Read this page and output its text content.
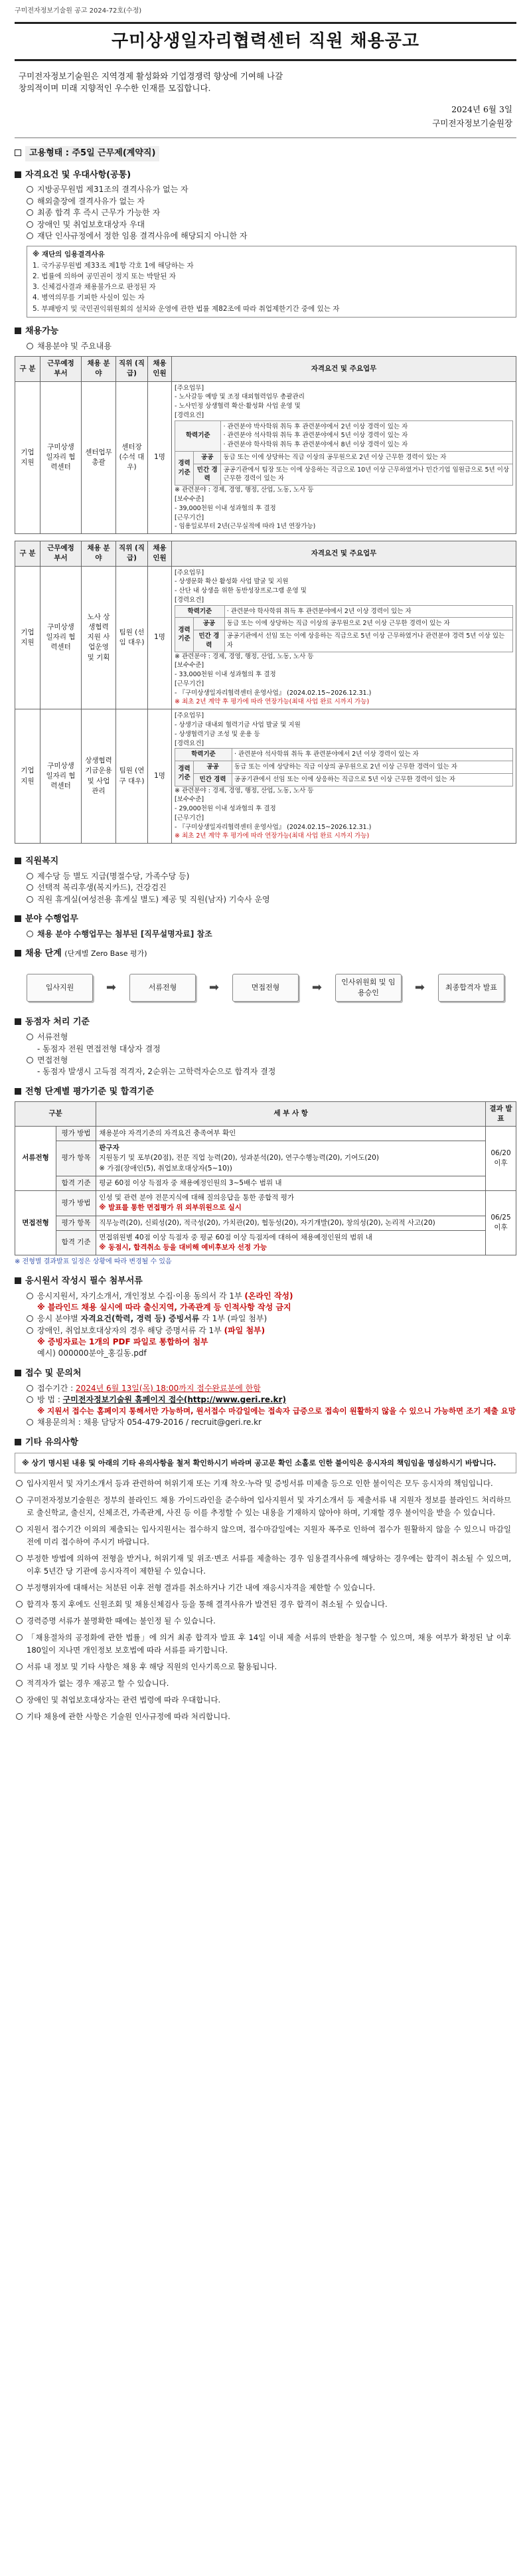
구미전자정보기술원 공고 2024-72호(수정)
구미상생일자리협력센터 직원 채용공고
구미전자정보기술원은 지역경제 활성화와 기업경쟁력 향상에 기여해 나갈
창의적이며 미래 지향적인 우수한 인재를 모집합니다.
2024년 6월 3일
구미전자정보기술원장
고용형태 : 주5일 근무제(계약직)
자격요건 및 우대사항(공통)
지방공무원법 제31조의 결격사유가 없는 자
해외출장에 결격사유가 없는 자
최종 합격 후 즉시 근무가 가능한 자
장애인 및 취업보호대상자 우대
재단 인사규정에서 정한 임용 결격사유에 해당되지 아니한 자
※ 재단의 임용결격사유
1. 국가공무원법 제33조 제1항 각호 1에 해당하는 자
2. 법률에 의하여 공민권이 정지 또는 박탈된 자
3. 신체검사결과 채용불가으로 판정된 자
4. 병역의무를 기피한 사실이 있는 자
5. 부패방지 및 국민권익위원회의 설치와 운영에 관한 법률 제82조에 따라 취업제한기간 중에 있는 자
채용가능
채용분야 및 주요내용
구 분	근무예정 부서	채용 분야	직위 (직급)	채용 인원	자격요건 및 주요업무
기업 지원	구미상생 일자리 협력센터	센터업무 총괄	센터장 (수석 대우)	1명	
[주요업무]
- 노사갈등 예방 및 조정 대외협력업무 총괄관리
- 노사민정 상생협력 확산·활성화 사업 운영 및
[경력요건]
학력기준	
· 관련분야 박사학위 취득 후 관련분야에서 2년 이상 경력이 있는 자
· 관련분야 석사학위 취득 후 관련분야에서 5년 이상 경력이 있는 자
· 관련분야 학사학위 취득 후 관련분야에서 8년 이상 경력이 있는 자

경력 기준	공공	동급 또는 이에 상당하는 직급 이상의 공무원으로 2년 이상 근무한 경력이 있는 자
민간 경력	공공기관에서 팀장 또는 이에 상응하는 직급으로 10년 이상 근무하였거나 민간기업 임원급으로 5년 이상 근무한 경력이 있는 자
※ 관련분야 : 경제, 경영, 행정, 산업, 노동, 노사 등
[보수수준]
- 39,000천원 이내 성과협의 후 결정
[근무기간]
- 임용일로부터 2년(근무실적에 따라 1년 연장가능)
구 분	근무예정 부서	채용 분야	직위 (직급)	채용 인원	자격요건 및 주요업무
기업 지원	구미상생 일자리 협력센터	노사 상생협력 지원 사업운영 및 기획	팀원 (선임 대우)	1명	
[주요업무]
- 상생문화 확산 활성화 사업 발굴 및 지원
- 산단 내 상생을 위한 동반성장프로그램 운영 및
[경력요건]
학력기준	· 관련분야 학사학위 취득 후 관련분야에서 2년 이상 경력이 있는 자
경력 기준	공공	동급 또는 이에 상당하는 직급 이상의 공무원으로 2년 이상 근무한 경력이 있는 자
민간 경력	공공기관에서 선임 또는 이에 상응하는 직급으로 5년 이상 근무하였거나 관련분야 경력 5년 이상 있는 자
※ 관련분야 : 경제, 경영, 행정, 산업, 노동, 노사 등
[보수수준]
- 33,000천원 이내 성과협의 후 결정
[근무기간]
- 『구미상생일자리협력센터 운영사업』 (2024.02.15~2026.12.31.)
※ 최초 2년 계약 후 평가에 따라 연장가능(최대 사업 완료 시까지 가능)

기업 지원	구미상생 일자리 협력센터	상생협력 기금운용 및 사업관리	팀원 (연구 대우)	1명	
[주요업무]
- 상생기금 대내외 협력기금 사업 발굴 및 지원
- 상생협력기금 조성 및 운용 등
[경력요건]
학력기준	· 관련분야 석사학위 취득 후 관련분야에서 2년 이상 경력이 있는 자
경력 기준	공공	동급 또는 이에 상당하는 직급 이상의 공무원으로 2년 이상 근무한 경력이 있는 자
민간 경력	공공기관에서 선임 또는 이에 상응하는 직급으로 5년 이상 근무한 경력이 있는 자
※ 관련분야 : 경제, 경영, 행정, 산업, 노동, 노사 등
[보수수준]
- 29,000천원 이내 성과협의 후 결정
[근무기간]
- 『구미상생일자리협력센터 운영사업』 (2024.02.15~2026.12.31.)
※ 최초 2년 계약 후 평가에 따라 연장가능(최대 사업 완료 시까지 가능)
직원복지
제수당 등 별도 지급(명절수당, 가족수당 등)
선택적 복리후생(복지카드), 건강검진
직원 휴게실(여성전용 휴게실 별도) 제공 및 직원(남자) 기숙사 운영
분야 수행업무
채용 분야 수행업무는 첨부된 [직무설명자료] 참조
채용 단계 (단계별 Zero Base 평가)
입사지원	➡	서류전형	➡	면접전형	➡	인사위원회 및 임용승인	➡	최종합격자 발표
동점자 처리 기준
서류전형
- 동점자 전원 면접전형 대상자 결정
면접전형
- 동점자 발생시 고득점 적격자, 2순위는 고학력자순으로 합격자 결정
전형 단계별 평가기준 및 합격기준
구분		세 부 사 항	결과 발표
서류전형	평가 방법	채용분야 자격기준의 자격요건 충족여부 확인	06/20 이후
	평가 항목	판구자
지원동기 및 포부(20점), 전문 직업 능력(20), 성과분석(20), 연구수행능력(20), 기여도(20)
※ 가점(장애인(5), 취업보호대상자(5~10))	

	합격 기준	평균 60점 이상 득점자 중 채용예정인원의 3~5배수 범위 내	
면접전형	평가 방법	인성 및 관련 분야 전문지식에 대해 질의응답을 통한 종합적 평가
※ 발표를 통한 면접평가 위 외부위원으로 실시	06/25 이후
	평가 항목	직무능력(20), 신뢰성(20), 적극성(20), 가치관(20), 협동성(20), 자기개발(20), 창의성(20), 논리적 사고(20)	
	합격 기준	면접위원별 40점 이상 득점자 중 평균 60점 이상 득점자에 대하여 채용예정인원의 범위 내
※ 동점시, 합격취소 등을 대비해 예비후보자 선정 가능	
※ 전형별 결과발표 일정은 상황에 따라 변경될 수 있음
응시원서 작성시 필수 첨부서류
응시지원서, 자기소개서, 개인정보 수집·이용 동의서 각 1부 (온라인 작성)
※ 블라인드 채용 실시에 따라 출신지역, 가족관계 등 인적사항 작성 금지
응시 분야별 자격요건(학력, 경력 등) 증빙서류 각 1부 (파일 첨부)
장애인, 취업보호대상자의 경우 해당 증명서류 각 1부 (파일 첨부)
※ 증빙자료는 1개의 PDF 파일로 통합하여 첨부
예시) 000000분야_홍길동.pdf
접수 및 문의처
접수기간 : 2024년 6월 13일(목) 18:00까지 접수완료분에 한함
방 법 : 구미전자정보기술원 홈페이지 접수(http://www.geri.re.kr)
※ 지원서 접수는 홈페이지 통해서만 가능하며, 원서접수 마감일에는 접속자 급증으로 접속이 원활하지 않을 수 있으니 가능하면 조기 제출 요망
채용문의처 : 채용 담당자 054-479-2016 / recruit@geri.re.kr
기타 유의사항
※ 상기 명시된 내용 및 아래의 기타 유의사항을 철저 확인하시기 바라며 공고문 확인 소홀로 인한 불이익은 응시자의 책임임을 명심하시기 바랍니다.
입사지원서 및 자기소개서 등과 관련하여 허위기재 또는 기재 착오·누락 및 증빙서류 미제출 등으로 인한 불이익은 모두 응시자의 책임입니다.
구미전자정보기술원은 정부의 블라인드 채용 가이드라인을 준수하여 입사지원서 및 자기소개서 등 제출서류 내 지원자 정보를 블라인드 처리하므로 출신학교, 출신지, 신체조건, 가족관계, 사진 등 이를 추정할 수 있는 내용을 기재하지 않아야 하며, 기재할 경우 불이익을 받을 수 있습니다.
지원서 접수기간 이외의 제출되는 입사지원서는 접수하지 않으며, 접수마감일에는 지원자 폭주로 인하여 접수가 원활하지 않을 수 있으니 마감일 전에 미리 접수하여 주시기 바랍니다.
부정한 방법에 의하여 전형을 받거나, 허위기재 및 위조·변조 서류를 제출하는 경우 임용결격사유에 해당하는 경우에는 합격이 취소될 수 있으며, 이후 5년간 당 기관에 응시자격이 제한될 수 있습니다.
부정행위자에 대해서는 처분된 이후 전형 결과를 취소하거나 기간 내에 재응시자격을 제한할 수 있습니다.
합격자 통지 후에도 신원조회 및 채용신체검사 등을 통해 결격사유가 발견된 경우 합격이 취소될 수 있습니다.
경력증명 서류가 불명확한 때에는 불인정 될 수 있습니다.
「채용절차의 공정화에 관한 법률」에 의거 최종 합격자 발표 후 14일 이내 제출 서류의 반환을 청구할 수 있으며, 채용 여부가 확정된 날 이후 180일이 지나면 개인정보 보호법에 따라 서류를 파기합니다.
서류 내 정보 및 기타 사항은 채용 후 해당 직원의 인사기록으로 활용됩니다.
적격자가 없는 경우 재공고 할 수 있습니다.
장애인 및 취업보호대상자는 관련 법령에 따라 우대합니다.
기타 채용에 관한 사항은 기술원 인사규정에 따라 처리합니다.
